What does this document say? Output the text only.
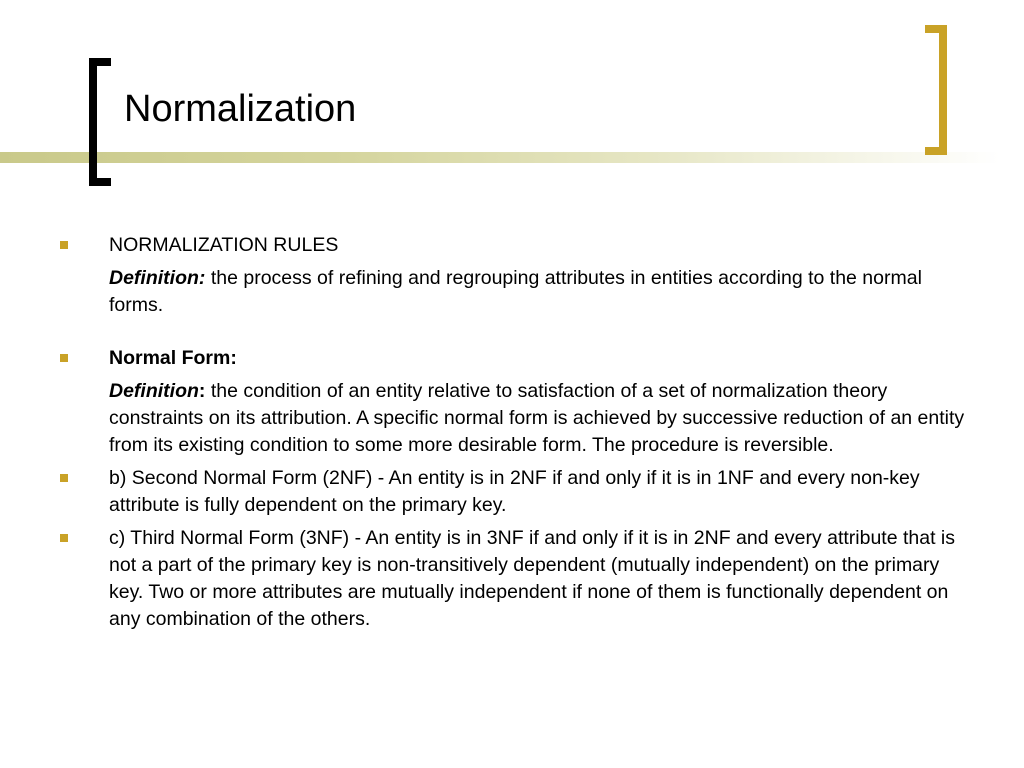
Normalization

NORMALIZATION RULES

Definition: the process of refining and regrouping attributes in entities according to the normal forms.

Normal Form:

Definition: the condition of an entity relative to satisfaction of a set of normalization theory constraints on its attribution. A specific normal form is achieved by successive reduction of an entity from its existing condition to some more desirable form. The procedure is reversible.

b) Second Normal Form (2NF) - An entity is in 2NF if and only if it is in 1NF and every non-key attribute is fully dependent on the primary key.

c) Third Normal Form (3NF) - An entity is in 3NF if and only if it is in 2NF and every attribute that is not a part of the primary key is non-transitively dependent (mutually independent) on the primary key. Two or more attributes are mutually independent if none of them is functionally dependent on any combination of the others.
